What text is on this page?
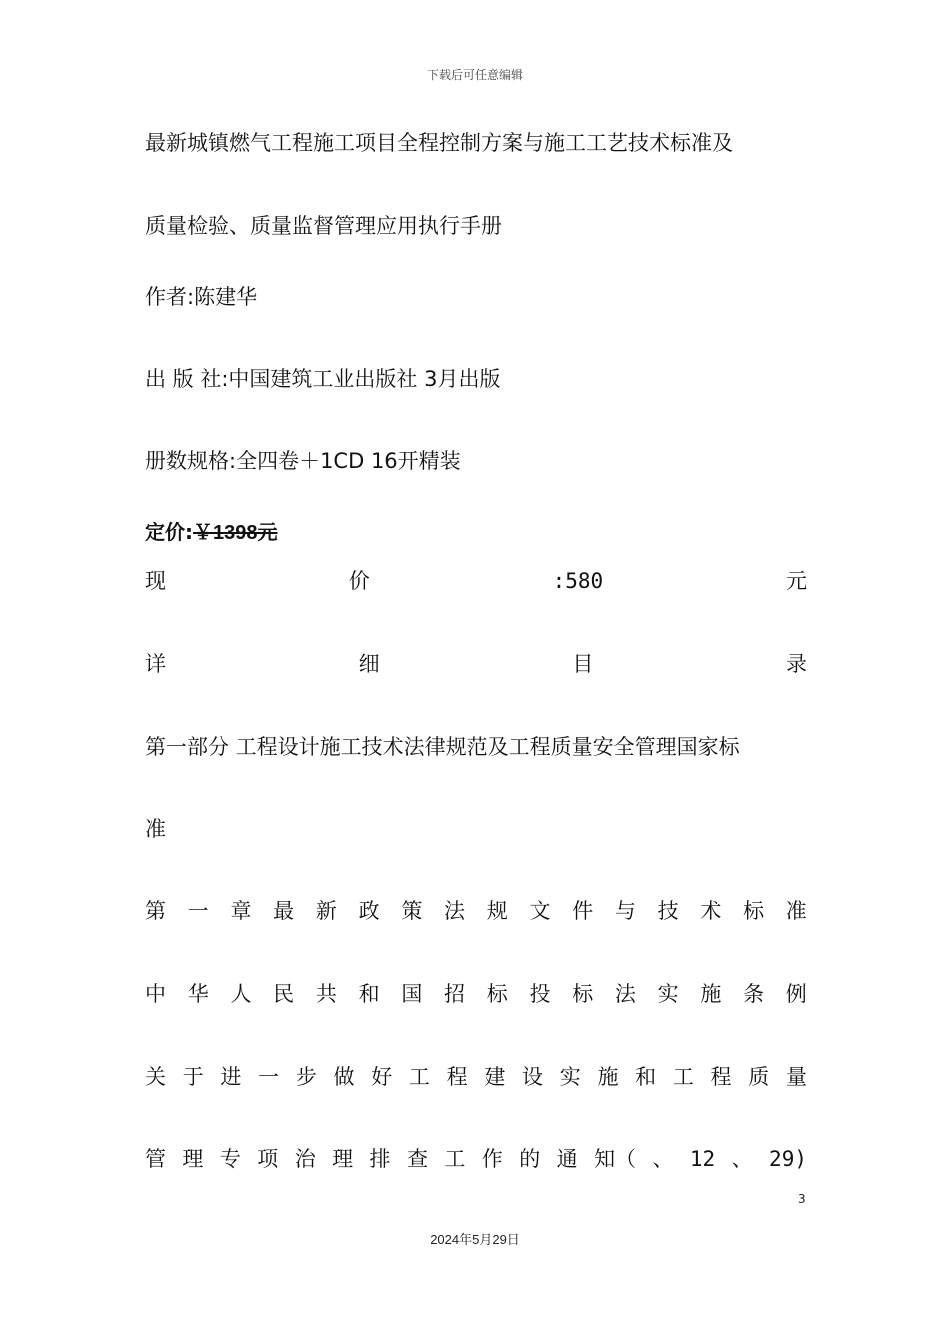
下载后可任意编辑
最新城镇燃气工程施工项目全程控制方案与施工工艺技术标准及
质量检验、质量监督管理应用执行手册
作者:陈建华
出 版 社:中国建筑工业出版社 3月出版
册数规格:全四卷＋1CD 16开精装
定价:￥1398元
现	价	:580	元
详	细	目	录
第一部分 工程设计施工技术法律规范及工程质量安全管理国家标
准
第 一 章 最 新 政 策 法 规 文 件 与 技 术 标 准
中 华 人 民 共 和 国 招 标 投 标 法 实 施 条 例
关 于 进 一 步 做 好 工 程 建 设 实 施 和 工 程 质 量
管 理 专 项 治 理 排 查 工 作 的 通 知（ 、 12 、 29)
3
2024年5月29日
